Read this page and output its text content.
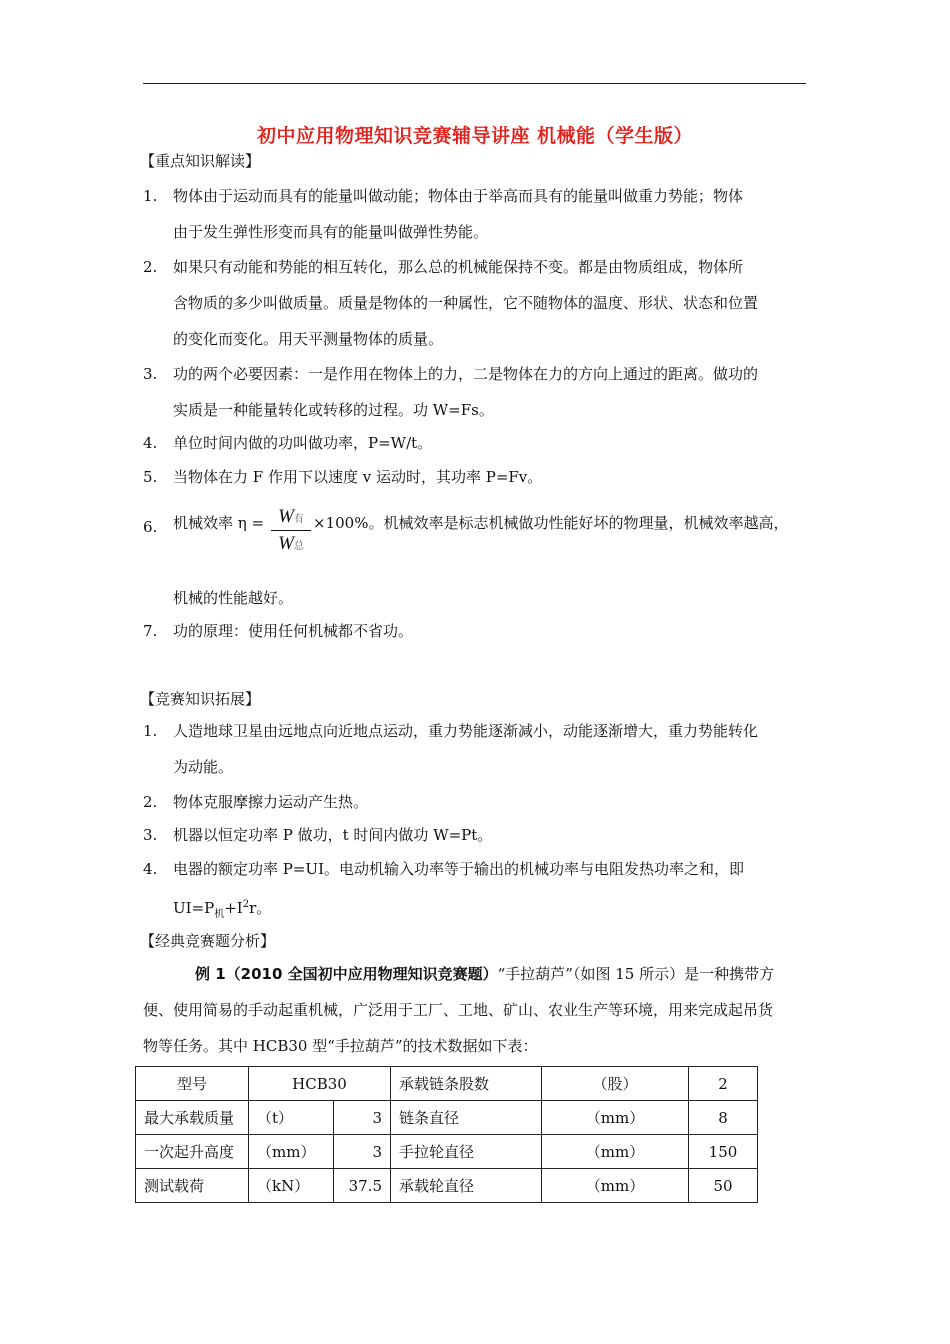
初中应用物理知识竞赛辅导讲座 机械能（学生版）
【重点知识解读】
1. 物体由于运动而具有的能量叫做动能；物体由于举高而具有的能量叫做重力势能；物体
由于发生弹性形变而具有的能量叫做弹性势能。
2. 如果只有动能和势能的相互转化，那么总的机械能保持不变。都是由物质组成，物体所
含物质的多少叫做质量。质量是物体的一种属性，它不随物体的温度、形状、状态和位置
的变化而变化。用天平测量物体的质量。
3. 功的两个必要因素：一是作用在物体上的力，二是物体在力的方向上通过的距离。做功的
实质是一种能量转化或转移的过程。功 W=Fs。
4. 单位时间内做的功叫做功率，P=W/t。
5. 当物体在力 F 作用下以速度 v 运动时，其功率 P=Fv。
6. 机械效率 η = W有
W总
×100%。机械效率是标志机械做功性能好坏的物理量，机械效率越高，
机械的性能越好。
7. 功的原理：使用任何机械都不省功。
【竞赛知识拓展】
1. 人造地球卫星由远地点向近地点运动，重力势能逐渐减小，动能逐渐增大，重力势能转化
为动能。
2. 物体克服摩擦力运动产生热。
3. 机器以恒定功率 P 做功，t 时间内做功 W=Pt。
4. 电器的额定功率 P=UI。电动机输入功率等于输出的机械功率与电阻发热功率之和，即
$UI=P_机+I^2r$。
【经典竞赛题分析】
例 1（2010 全国初中应用物理知识竞赛题）“手拉葫芦”（如图 15 所示）是一种携带方
便、使用简易的手动起重机械，广泛用于工厂、工地、矿山、农业生产等环境，用来完成起吊货
物等任务。其中 HCB30 型“手拉葫芦”的技术数据如下表：
型号	HCB30		承载链条股数	（股）	2
最大承载质量	（t）	3	链条直径	（mm）	8
一次起升高度	（mm）	3	手拉轮直径	（mm）	150
测试载荷	（kN）	37.5	承载轮直径	（mm）	50
